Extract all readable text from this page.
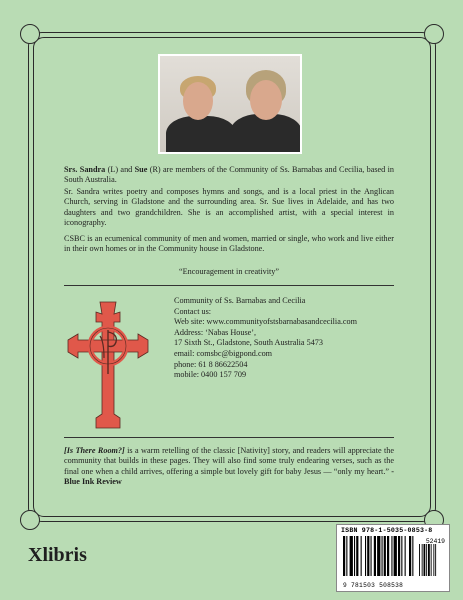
Srs. Sandra (L) and Sue (R) are members of the Community of Ss. Barnabas and Cecilia, based in South Australia.
Sr. Sandra writes poetry and composes hymns and songs, and is a local priest in the Anglican Church, serving in Gladstone and the surrounding area. Sr. Sue lives in Adelaide, and has two daughters and two grandchildren. She is an accomplished artist, with a special interest in iconography.
CSBC is an ecumenical community of men and women, married or single, who work and live either in their own homes or in the Community house in Gladstone.
“Encouragement in creativity”
Community of Ss. Barnabas and Cecilia
Contact us:
Web site: www.communityofstsbarnabasandcecilia.com
Address: ‘Nabas House’,
17 Sixth St., Gladstone, South Australia 5473
email: comsbc@bigpond.com
phone: 61 8 86622504
mobile: 0400 157 709
[Is There Room?] is a warm retelling of the classic [Nativity] story, and readers will appreciate the community that builds in these pages. They will also find some truly endearing verses, such as the final one when a child arrives, offering a simple but lovely gift for baby Jesus — “only my heart.” -Blue Ink Review
Xlibris
ISBN 978-1-5035-0853-8
52419
9 781503 508538
